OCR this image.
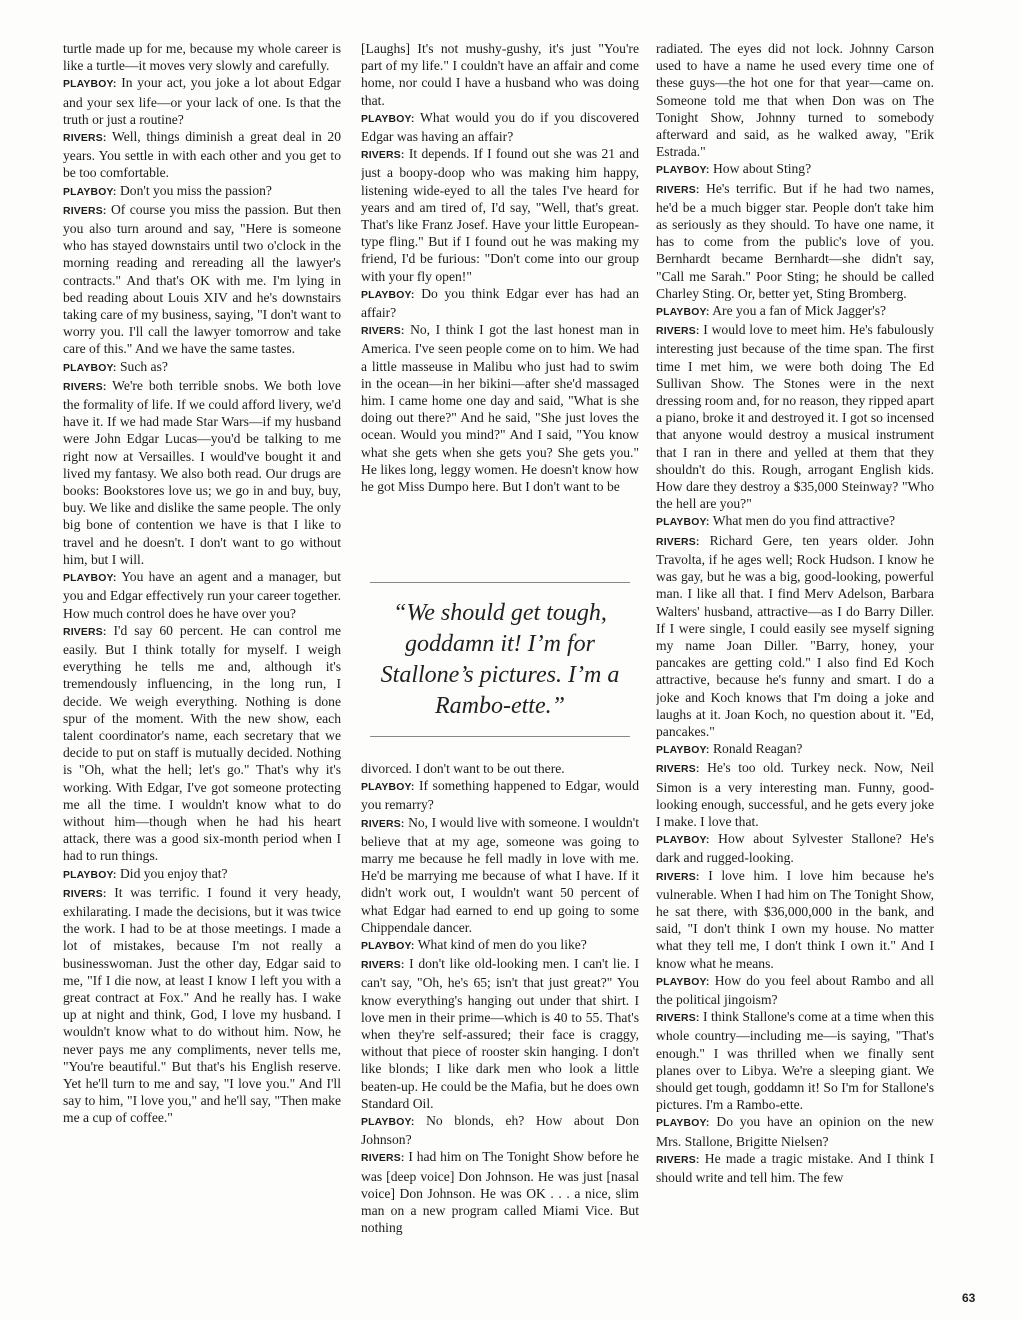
turtle made up for me, because my whole career is like a turtle—it moves very slowly and carefully.

PLAYBOY: In your act, you joke a lot about Edgar and your sex life—or your lack of one. Is that the truth or just a routine?

RIVERS: Well, things diminish a great deal in 20 years. You settle in with each other and you get to be too comfortable.

PLAYBOY: Don't you miss the passion?

RIVERS: Of course you miss the passion. But then you also turn around and say, "Here is someone who has stayed downstairs until two o'clock in the morning reading and rereading all the lawyer's contracts." And that's OK with me. I'm lying in bed reading about Louis XIV and he's downstairs taking care of my business, saying, "I don't want to worry you. I'll call the lawyer tomorrow and take care of this." And we have the same tastes.

PLAYBOY: Such as?

RIVERS: We're both terrible snobs. We both love the formality of life. If we could afford livery, we'd have it. If we had made Star Wars—if my husband were John Edgar Lucas—you'd be talking to me right now at Versailles. I would've bought it and lived my fantasy. We also both read. Our drugs are books: Bookstores love us; we go in and buy, buy, buy. We like and dislike the same people. The only big bone of contention we have is that I like to travel and he doesn't. I don't want to go without him, but I will.

PLAYBOY: You have an agent and a manager, but you and Edgar effectively run your career together. How much control does he have over you?

RIVERS: I'd say 60 percent. He can control me easily. But I think totally for myself. I weigh everything he tells me and, although it's tremendously influencing, in the long run, I decide. We weigh everything. Nothing is done spur of the moment. With the new show, each talent coordinator's name, each secretary that we decide to put on staff is mutually decided. Nothing is "Oh, what the hell; let's go." That's why it's working. With Edgar, I've got someone protecting me all the time. I wouldn't know what to do without him—though when he had his heart attack, there was a good six-month period when I had to run things.

PLAYBOY: Did you enjoy that?

RIVERS: It was terrific. I found it very heady, exhilarating. I made the decisions, but it was twice the work. I had to be at those meetings. I made a lot of mistakes, because I'm not really a businesswoman. Just the other day, Edgar said to me, "If I die now, at least I know I left you with a great contract at Fox." And he really has. I wake up at night and think, God, I love my husband. I wouldn't know what to do without him. Now, he never pays me any compliments, never tells me, "You're beautiful." But that's his English reserve. Yet he'll turn to me and say, "I love you." And I'll say to him, "I love you," and he'll say, "Then make me a cup of coffee."

[Laughs] It's not mushy-gushy, it's just "You're part of my life." I couldn't have an affair and come home, nor could I have a husband who was doing that.

PLAYBOY: What would you do if you discovered Edgar was having an affair?

RIVERS: It depends. If I found out she was 21 and just a boopy-doop who was making him happy, listening wide-eyed to all the tales I've heard for years and am tired of, I'd say, "Well, that's great. That's like Franz Josef. Have your little European-type fling." But if I found out he was making my friend, I'd be furious: "Don't come into our group with your fly open!"

PLAYBOY: Do you think Edgar ever has had an affair?

RIVERS: No, I think I got the last honest man in America. I've seen people come on to him. We had a little masseuse in Malibu who just had to swim in the ocean—in her bikini—after she'd massaged him. I came home one day and said, "What is she doing out there?" And he said, "She just loves the ocean. Would you mind?" And I said, "You know what she gets when she gets you? She gets you." He likes long, leggy women. He doesn't know how he got Miss Dumpo here. But I don't want to be

“We should get tough, goddamn it! I’m for Stallone’s pictures. I’m a Rambo-ette.”

divorced. I don't want to be out there.

PLAYBOY: If something happened to Edgar, would you remarry?

RIVERS: No, I would live with someone. I wouldn't believe that at my age, someone was going to marry me because he fell madly in love with me. He'd be marrying me because of what I have. If it didn't work out, I wouldn't want 50 percent of what Edgar had earned to end up going to some Chippendale dancer.

PLAYBOY: What kind of men do you like?

RIVERS: I don't like old-looking men. I can't lie. I can't say, "Oh, he's 65; isn't that just great?" You know everything's hanging out under that shirt. I love men in their prime—which is 40 to 55. That's when they're self-assured; their face is craggy, without that piece of rooster skin hanging. I don't like blonds; I like dark men who look a little beaten-up. He could be the Mafia, but he does own Standard Oil.

PLAYBOY: No blonds, eh? How about Don Johnson?

RIVERS: I had him on The Tonight Show before he was [deep voice] Don Johnson. He was just [nasal voice] Don Johnson. He was OK . . . a nice, slim man on a new program called Miami Vice. But nothing

radiated. The eyes did not lock. Johnny Carson used to have a name he used every time one of these guys—the hot one for that year—came on. Someone told me that when Don was on The Tonight Show, Johnny turned to somebody afterward and said, as he walked away, "Erik Estrada."

PLAYBOY: How about Sting?

RIVERS: He's terrific. But if he had two names, he'd be a much bigger star. People don't take him as seriously as they should. To have one name, it has to come from the public's love of you. Bernhardt became Bernhardt—she didn't say, "Call me Sarah." Poor Sting; he should be called Charley Sting. Or, better yet, Sting Bromberg.

PLAYBOY: Are you a fan of Mick Jagger's?

RIVERS: I would love to meet him. He's fabulously interesting just because of the time span. The first time I met him, we were both doing The Ed Sullivan Show. The Stones were in the next dressing room and, for no reason, they ripped apart a piano, broke it and destroyed it. I got so incensed that anyone would destroy a musical instrument that I ran in there and yelled at them that they shouldn't do this. Rough, arrogant English kids. How dare they destroy a $35,000 Steinway? "Who the hell are you?"

PLAYBOY: What men do you find attractive?

RIVERS: Richard Gere, ten years older. John Travolta, if he ages well; Rock Hudson. I know he was gay, but he was a big, good-looking, powerful man. I like all that. I find Merv Adelson, Barbara Walters' husband, attractive—as I do Barry Diller. If I were single, I could easily see myself signing my name Joan Diller. "Barry, honey, your pancakes are getting cold." I also find Ed Koch attractive, because he's funny and smart. I do a joke and Koch knows that I'm doing a joke and laughs at it. Joan Koch, no question about it. "Ed, pancakes."

PLAYBOY: Ronald Reagan?

RIVERS: He's too old. Turkey neck. Now, Neil Simon is a very interesting man. Funny, good-looking enough, successful, and he gets every joke I make. I love that.

PLAYBOY: How about Sylvester Stallone? He's dark and rugged-looking.

RIVERS: I love him. I love him because he's vulnerable. When I had him on The Tonight Show, he sat there, with $36,000,000 in the bank, and said, "I don't think I own my house. No matter what they tell me, I don't think I own it." And I know what he means.

PLAYBOY: How do you feel about Rambo and all the political jingoism?

RIVERS: I think Stallone's come at a time when this whole country—including me—is saying, "That's enough." I was thrilled when we finally sent planes over to Libya. We're a sleeping giant. We should get tough, goddamn it! So I'm for Stallone's pictures. I'm a Rambo-ette.

PLAYBOY: Do you have an opinion on the new Mrs. Stallone, Brigitte Nielsen?

RIVERS: He made a tragic mistake. And I think I should write and tell him. The few

63
